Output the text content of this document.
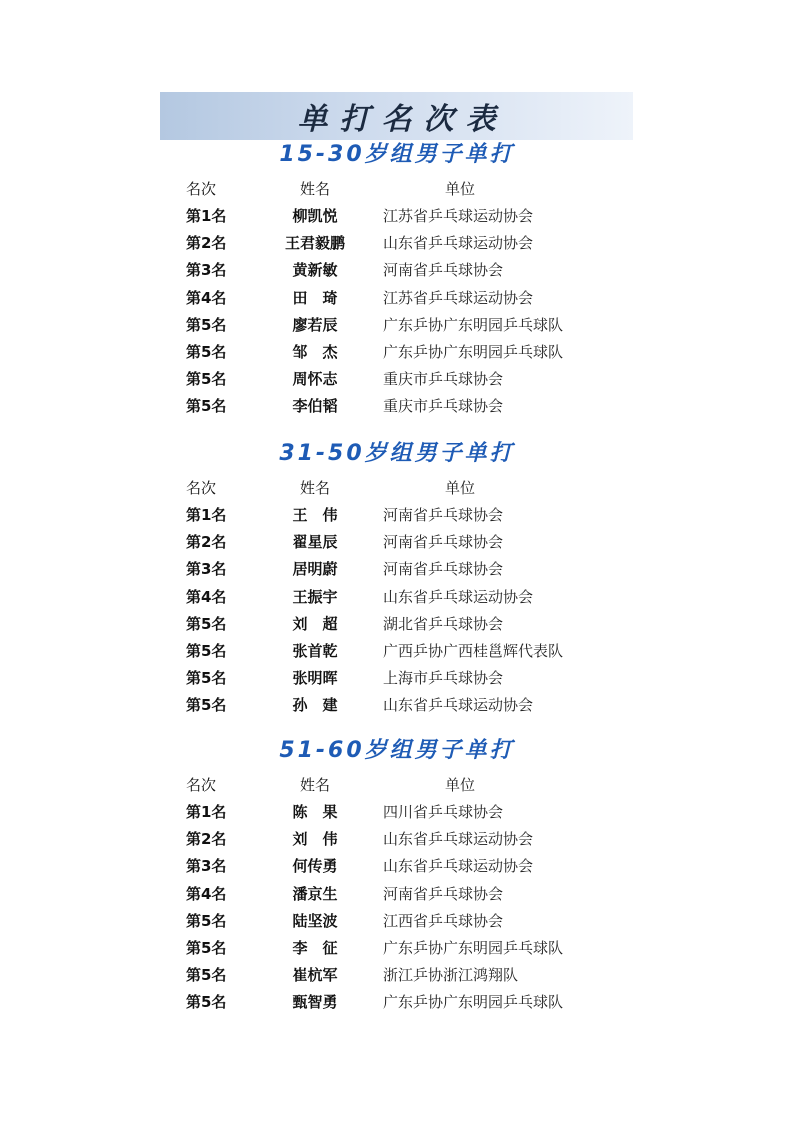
单打名次表
15-30岁组男子单打
名次	姓名	单位
第1名	柳凯悦	江苏省乒乓球运动协会
第2名	王君毅鹏	山东省乒乓球运动协会
第3名	黄新敏	河南省乒乓球协会
第4名	田　琦	江苏省乒乓球运动协会
第5名	廖若辰	广东乒协广东明园乒乓球队
第5名	邹　杰	广东乒协广东明园乒乓球队
第5名	周怀志	重庆市乒乓球协会
第5名	李伯韬	重庆市乒乓球协会
31-50岁组男子单打
名次	姓名	单位
第1名	王　伟	河南省乒乓球协会
第2名	翟星辰	河南省乒乓球协会
第3名	居明蔚	河南省乒乓球协会
第4名	王振宇	山东省乒乓球运动协会
第5名	刘　超	湖北省乒乓球协会
第5名	张首乾	广西乒协广西桂邕辉代表队
第5名	张明晖	上海市乒乓球协会
第5名	孙　建	山东省乒乓球运动协会
51-60岁组男子单打
名次	姓名	单位
第1名	陈　果	四川省乒乓球协会
第2名	刘　伟	山东省乒乓球运动协会
第3名	何传勇	山东省乒乓球运动协会
第4名	潘京生	河南省乒乓球协会
第5名	陆坚波	江西省乒乓球协会
第5名	李　征	广东乒协广东明园乒乓球队
第5名	崔杭军	浙江乒协浙江鸿翔队
第5名	甄智勇	广东乒协广东明园乒乓球队
